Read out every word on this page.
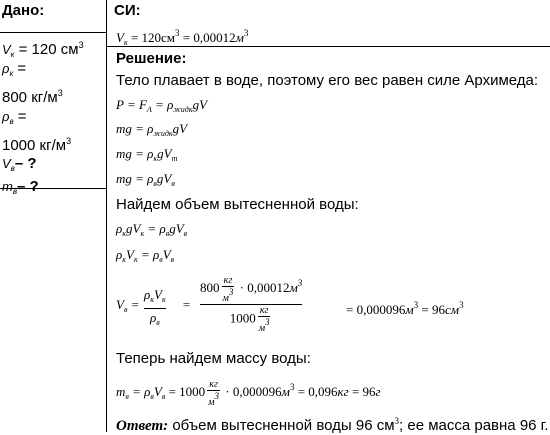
Дано:
$V_к = 120$ $см^3$
$\rho_к$ =
800 $кг/м^3$
$\rho_в$ =
1000 $кг/м^3$
$V_в-$ ?
$m_в-$ ?
СИ:
$V_к = 120см^3 = 0,00012м^3$
Решение:
Тело плавает в воде, поэтому его вес равен силе Архимеда:
$P = F_A = \rho_{жидк}gV$
mg = $\rho_{жидк}gV$
mg = $\rho_кgV_т$
mg = $\rho_вgV_в$
Найдем объем вытесненной воды:
$\rho_кgV_к = \rho_вgV_в$
$\rho_кV_к = \rho_вV_в$
$V_в$ =
$\rho_кV_к$
$\rho_в$
=
$800 \frac{кг}{м^3} \cdot 0,00012м^3$
$1000 \frac{кг}{м^3}$	= $0,000096м^3 = 96см^3$
Теперь найдем массу воды:
$m_в = \rho_вV_в = 1000 \frac{кг}{м^3} \cdot 0,000096м^3 = 0,096кг = 96г$
Ответ: объем вытесненной воды 96 $см^3$; ее масса равна 96 г.
